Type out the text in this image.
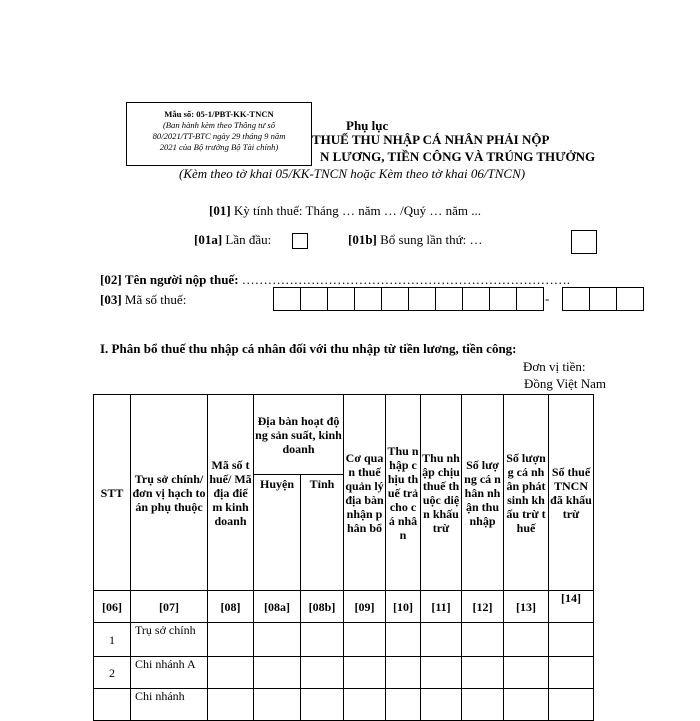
Mẫu số: 05-1/PBT-KK-TNCN
(Ban hành kèm theo Thông tư số
80/2021/TT-BTC ngày 29 tháng 9 năm
2021 của Bộ trưởng Bộ Tài chính)
Phụ lục
THUẾ THU NHẬP CÁ NHÂN PHẢI NỘP
N LƯƠNG, TIỀN CÔNG VÀ TRÚNG THƯỞNG
(Kèm theo tờ khai 05/KK-TNCN hoặc Kèm theo tờ khai 06/TNCN)
[01] Kỳ tính thuế: Tháng … năm … /Quý … năm ...
[01a] Lần đầu:	[01b] Bổ sung lần thứ: …
[02] Tên người nộp thuế: ………………………………………………………………….
[03] Mã số thuế:	-
I. Phân bổ thuế thu nhập cá nhân đối với thu nhập từ tiền lương, tiền công:
Đơn vị tiền:
Đồng Việt Nam
STT	Trụ sở chính/đơn vị hạch toán phụ thuộc	Mã số thuế/ Mã địa điểm kinh doanh	Địa bàn hoạt động sản suất, kinh doanh		Cơ quan thuế quản lý địa bàn nhận phân bổ	Thu nhập chịu thuế trả cho cá nhân	Thu nhập chịu thuế thuộc diện khấu trừ	Số lượng cá nhân nhận thu nhập	Số lượng cá nhân phát sinh khấu trừ thuế	Số thuế TNCN đã khấu trừ
			Huyện	Tỉnh						
[06]	[07]	[08]	[08a]	[08b]	[09]	[10]	[11]	[12]	[13]	[14]
1	Trụ sở chính									
2	Chi nhánh A									
	Chi nhánh									
